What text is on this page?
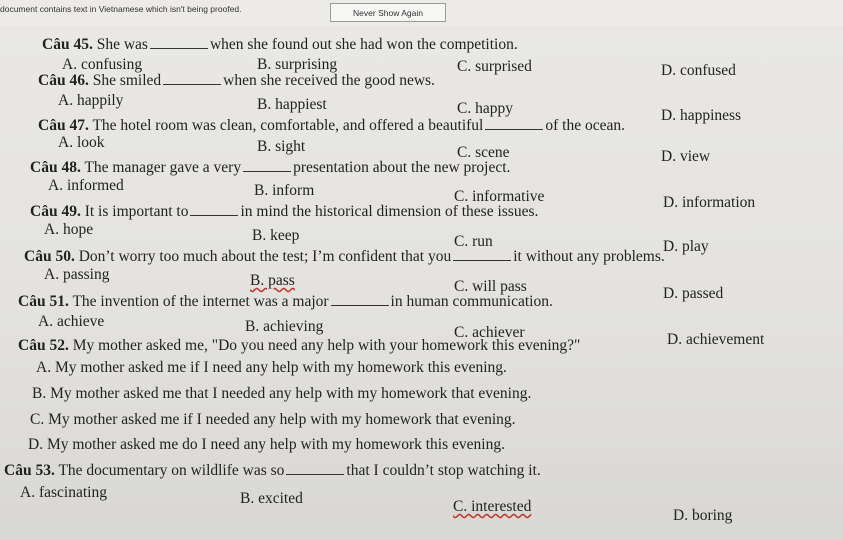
document contains text in Vietnamese which isn't being proofed.	Never Show Again
Câu 45. She was	when she found out she had won the competition.
A. confusing	B. surprising	C. surprised	D. confused
Câu 46. She smiled	when she received the good news.
A. happily	B. happiest	C. happy	D. happiness
Câu 47. The hotel room was clean, comfortable, and offered a beautiful	of the ocean.
A. look	B. sight	C. scene	D. view
Câu 48. The manager gave a very	presentation about the new project.
A. informed	B. inform	C. informative	D. information
Câu 49. It is important to	in mind the historical dimension of these issues.
A. hope	B. keep	C. run	D. play
Câu 50. Don’t worry too much about the test; I’m confident that you	it without any problems.
A. passing	B. pass	C. will pass	D. passed
Câu 51. The invention of the internet was a major	in human communication.
A. achieve	B. achieving	C. achiever	D. achievement
Câu 52. My mother asked me, "Do you need any help with your homework this evening?"
A. My mother asked me if I need any help with my homework this evening.
B. My mother asked me that I needed any help with my homework that evening.
C. My mother asked me if I needed any help with my homework that evening.
D. My mother asked me do I need any help with my homework this evening.
Câu 53. The documentary on wildlife was so	that I couldn’t stop watching it.
A. fascinating	B. excited	C. interested
D. boring
